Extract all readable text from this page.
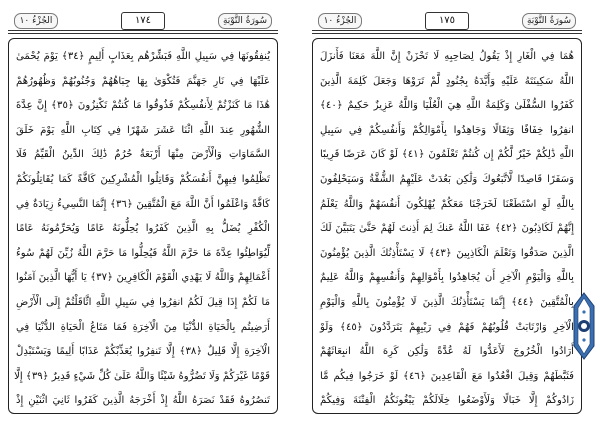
سُورَةُ التَّوْبَةِ
۱۷٤
الجُزْءُ ١٠
يُنفِقُونَهَا فِي سَبِيلِ اللَّهِ فَبَشِّرْهُم بِعَذَابٍ أَلِيمٍ ﴿٣٤﴾ يَوْمَ يُحْمَىٰ
عَلَيْهَا فِي نَارِ جَهَنَّمَ فَتُكْوَىٰ بِهَا جِبَاهُهُمْ وَجُنُوبُهُمْ وَظُهُورُهُمْ
هَٰذَا مَا كَنَزْتُمْ لِأَنفُسِكُمْ فَذُوقُوا مَا كُنتُمْ تَكْنِزُونَ ﴿٣٥﴾ إِنَّ عِدَّةَ
الشُّهُورِ عِندَ اللَّهِ اثْنَا عَشَرَ شَهْرًا فِي كِتَابِ اللَّهِ يَوْمَ خَلَقَ
السَّمَاوَاتِ وَالْأَرْضَ مِنْهَا أَرْبَعَةٌ حُرُمٌ ذَٰلِكَ الدِّينُ الْقَيِّمُ فَلَا
تَظْلِمُوا فِيهِنَّ أَنفُسَكُمْ وَقَاتِلُوا الْمُشْرِكِينَ كَافَّةً كَمَا يُقَاتِلُونَكُمْ
كَافَّةً وَاعْلَمُوا أَنَّ اللَّهَ مَعَ الْمُتَّقِينَ ﴿٣٦﴾ إِنَّمَا النَّسِيءُ زِيَادَةٌ فِي
الْكُفْرِ يُضَلُّ بِهِ الَّذِينَ كَفَرُوا يُحِلُّونَهُ عَامًا وَيُحَرِّمُونَهُ عَامًا
لِّيُوَاطِئُوا عِدَّةَ مَا حَرَّمَ اللَّهُ فَيُحِلُّوا مَا حَرَّمَ اللَّهُ زُيِّنَ لَهُمْ سُوءُ
أَعْمَالِهِمْ وَاللَّهُ لَا يَهْدِي الْقَوْمَ الْكَافِرِينَ ﴿٣٧﴾ يَا أَيُّهَا الَّذِينَ آمَنُوا
مَا لَكُمْ إِذَا قِيلَ لَكُمُ انفِرُوا فِي سَبِيلِ اللَّهِ اثَّاقَلْتُمْ إِلَى الْأَرْضِ
أَرَضِيتُم بِالْحَيَاةِ الدُّنْيَا مِنَ الْآخِرَةِ فَمَا مَتَاعُ الْحَيَاةِ الدُّنْيَا فِي
الْآخِرَةِ إِلَّا قَلِيلٌ ﴿٣٨﴾ إِلَّا تَنفِرُوا يُعَذِّبْكُمْ عَذَابًا أَلِيمًا وَيَسْتَبْدِلْ
قَوْمًا غَيْرَكُمْ وَلَا تَضُرُّوهُ شَيْئًا وَاللَّهُ عَلَىٰ كُلِّ شَيْءٍ قَدِيرٌ ﴿٣٩﴾ إِلَّا
تَنصُرُوهُ فَقَدْ نَصَرَهُ اللَّهُ إِذْ أَخْرَجَهُ الَّذِينَ كَفَرُوا ثَانِيَ اثْنَيْنِ إِذْ
سُورَةُ التَّوْبَةِ
۱۷٥
الجُزْءُ ١٠
هُمَا فِي الْغَارِ إِذْ يَقُولُ لِصَاحِبِهِ لَا تَحْزَنْ إِنَّ اللَّهَ مَعَنَا فَأَنزَلَ
اللَّهُ سَكِينَتَهُ عَلَيْهِ وَأَيَّدَهُ بِجُنُودٍ لَّمْ تَرَوْهَا وَجَعَلَ كَلِمَةَ الَّذِينَ
كَفَرُوا السُّفْلَىٰ وَكَلِمَةُ اللَّهِ هِيَ الْعُلْيَا وَاللَّهُ عَزِيزٌ حَكِيمٌ ﴿٤٠﴾
انفِرُوا خِفَافًا وَثِقَالًا وَجَاهِدُوا بِأَمْوَالِكُمْ وَأَنفُسِكُمْ فِي سَبِيلِ
اللَّهِ ذَٰلِكُمْ خَيْرٌ لَّكُمْ إِن كُنتُمْ تَعْلَمُونَ ﴿٤١﴾ لَوْ كَانَ عَرَضًا قَرِيبًا
وَسَفَرًا قَاصِدًا لَّاتَّبَعُوكَ وَلَٰكِن بَعُدَتْ عَلَيْهِمُ الشُّقَّةُ وَسَيَحْلِفُونَ
بِاللَّهِ لَوِ اسْتَطَعْنَا لَخَرَجْنَا مَعَكُمْ يُهْلِكُونَ أَنفُسَهُمْ وَاللَّهُ يَعْلَمُ
إِنَّهُمْ لَكَاذِبُونَ ﴿٤٢﴾ عَفَا اللَّهُ عَنكَ لِمَ أَذِنتَ لَهُمْ حَتَّىٰ يَتَبَيَّنَ لَكَ
الَّذِينَ صَدَقُوا وَتَعْلَمَ الْكَاذِبِينَ ﴿٤٣﴾ لَا يَسْتَأْذِنُكَ الَّذِينَ يُؤْمِنُونَ
بِاللَّهِ وَالْيَوْمِ الْآخِرِ أَن يُجَاهِدُوا بِأَمْوَالِهِمْ وَأَنفُسِهِمْ وَاللَّهُ عَلِيمٌ
بِالْمُتَّقِينَ ﴿٤٤﴾ إِنَّمَا يَسْتَأْذِنُكَ الَّذِينَ لَا يُؤْمِنُونَ بِاللَّهِ وَالْيَوْمِ
الْآخِرِ وَارْتَابَتْ قُلُوبُهُمْ فَهُمْ فِي رَيْبِهِمْ يَتَرَدَّدُونَ ﴿٤٥﴾ وَلَوْ
أَرَادُوا الْخُرُوجَ لَأَعَدُّوا لَهُ عُدَّةً وَلَٰكِن كَرِهَ اللَّهُ انبِعَاثَهُمْ
فَثَبَّطَهُمْ وَقِيلَ اقْعُدُوا مَعَ الْقَاعِدِينَ ﴿٤٦﴾ لَوْ خَرَجُوا فِيكُم مَّا
زَادُوكُمْ إِلَّا خَبَالًا وَلَأَوْضَعُوا خِلَالَكُمْ يَبْغُونَكُمُ الْفِتْنَةَ وَفِيكُمْ
